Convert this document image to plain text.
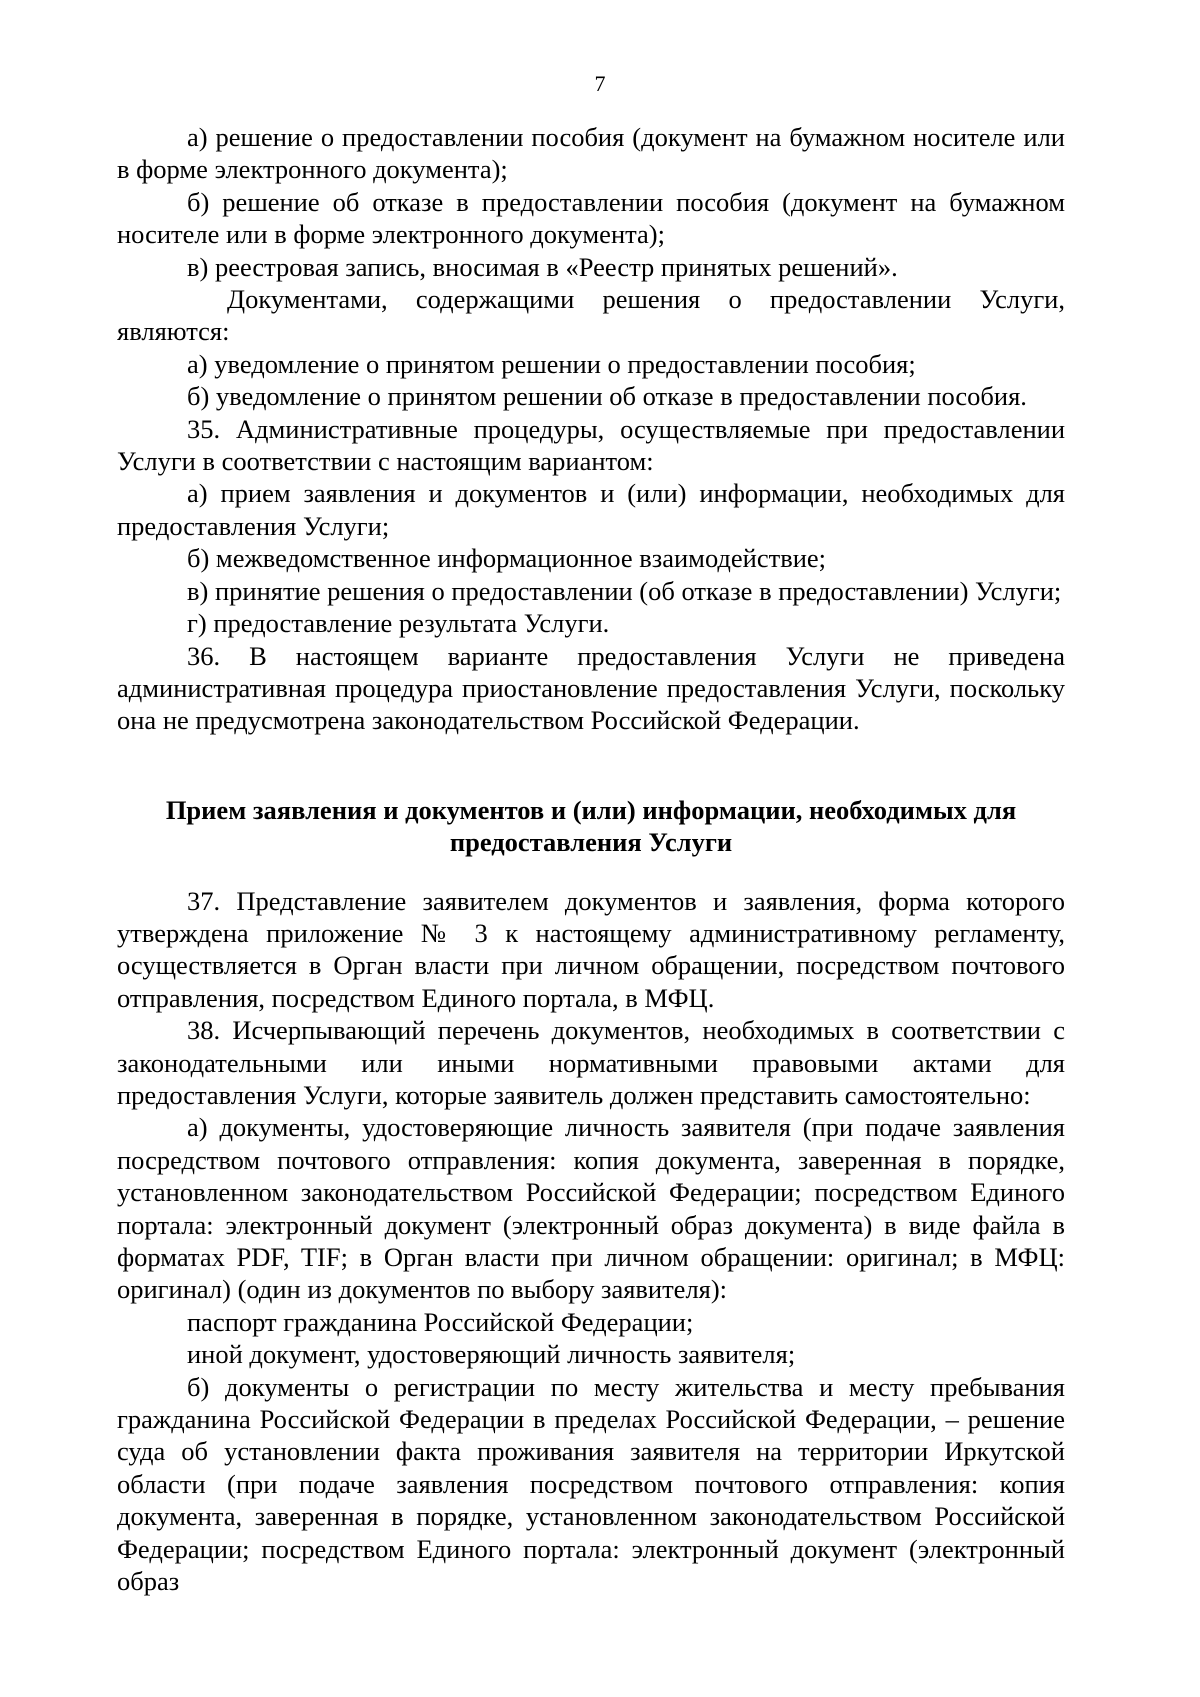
7

а) решение о предоставлении пособия (документ на бумажном носителе или в форме электронного документа);

б) решение об отказе в предоставлении пособия (документ на бумажном носителе или в форме электронного документа);

в) реестровая запись, вносимая в «Реестр принятых решений».

Документами, содержащими решения о предоставлении Услуги, являются:

а) уведомление о принятом решении о предоставлении пособия;

б) уведомление о принятом решении об отказе в предоставлении пособия.

35. Административные процедуры, осуществляемые при предоставлении Услуги в соответствии с настоящим вариантом:

а) прием заявления и документов и (или) информации, необходимых для предоставления Услуги;

б) межведомственное информационное взаимодействие;

в) принятие решения о предоставлении (об отказе в предоставлении) Услуги;

г) предоставление результата Услуги.

36. В настоящем варианте предоставления Услуги не приведена административная процедура приостановление предоставления Услуги, поскольку она не предусмотрена законодательством Российской Федерации.

Прием заявления и документов и (или) информации, необходимых для
предоставления Услуги

37. Представление заявителем документов и заявления, форма которого утверждена приложение № 3 к настоящему административному регламенту, осуществляется в Орган власти при личном обращении, посредством почтового отправления, посредством Единого портала, в МФЦ.

38. Исчерпывающий перечень документов, необходимых в соответствии с законодательными или иными нормативными правовыми актами для предоставления Услуги, которые заявитель должен представить самостоятельно:

а) документы, удостоверяющие личность заявителя (при подаче заявления посредством почтового отправления: копия документа, заверенная в порядке, установленном законодательством Российской Федерации; посредством Единого портала: электронный документ (электронный образ документа) в виде файла в форматах PDF, TIF; в Орган власти при личном обращении: оригинал; в МФЦ: оригинал) (один из документов по выбору заявителя):

паспорт гражданина Российской Федерации;

иной документ, удостоверяющий личность заявителя;

б) документы о регистрации по месту жительства и месту пребывания гражданина Российской Федерации в пределах Российской Федерации, – решение суда об установлении факта проживания заявителя на территории Иркутской области (при подаче заявления посредством почтового отправления: копия документа, заверенная в порядке, установленном законодательством Российской Федерации; посредством Единого портала: электронный документ (электронный образ
